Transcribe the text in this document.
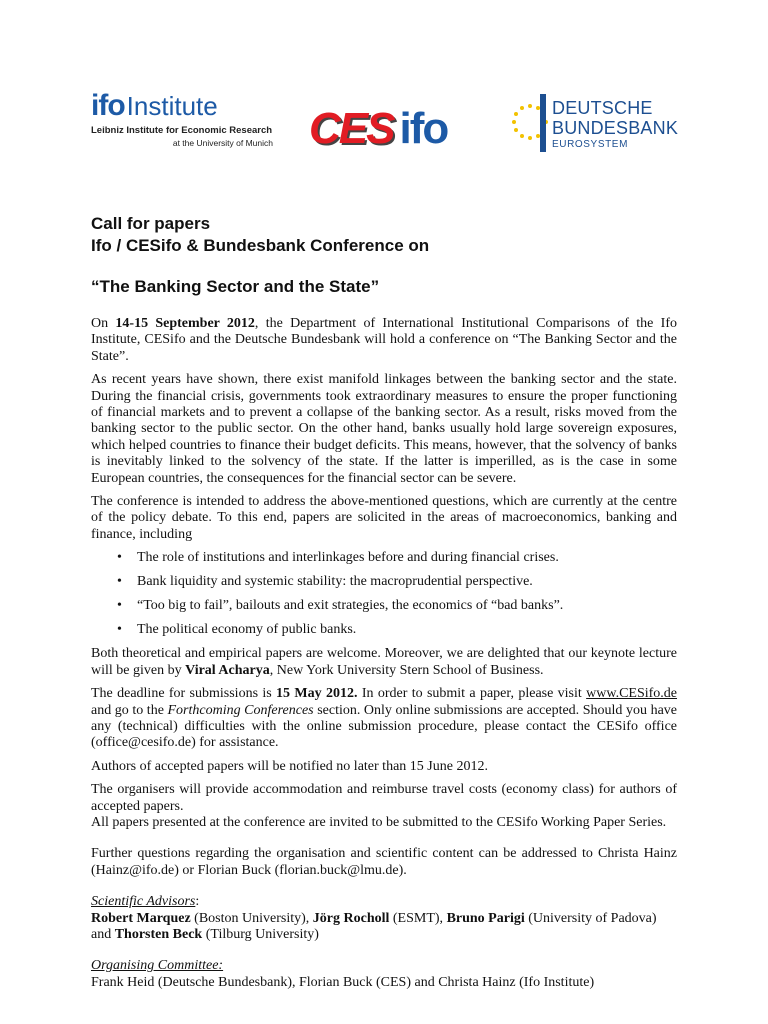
ifoInstitute
Leibniz Institute for Economic Research
at the University of Munich CES ifo	DEUTSCHE
BUNDESBANK
EUROSYSTEM
Call for papers
Ifo / CESifo & Bundesbank Conference on
“The Banking Sector and the State”

On 14-15 September 2012, the Department of International Institutional Comparisons of the Ifo Institute, CESifo and the Deutsche Bundesbank will hold a conference on “The Banking Sector and the State”.

As recent years have shown, there exist manifold linkages between the banking sector and the state. During the financial crisis, governments took extraordinary measures to ensure the proper functioning of financial markets and to prevent a collapse of the banking sector. As a result, risks moved from the banking sector to the public sector. On the other hand, banks usually hold large sovereign exposures, which helped countries to finance their budget deficits. This means, however, that the solvency of banks is inevitably linked to the solvency of the state. If the latter is imperilled, as is the case in some European countries, the consequences for the financial sector can be severe.

The conference is intended to address the above-mentioned questions, which are currently at the centre of the policy debate. To this end, papers are solicited in the areas of macroeconomics, banking and finance, including

• The role of institutions and interlinkages before and during financial crises.
• Bank liquidity and systemic stability: the macroprudential perspective.
• “Too big to fail”, bailouts and exit strategies, the economics of “bad banks”.
• The political economy of public banks.

Both theoretical and empirical papers are welcome. Moreover, we are delighted that our keynote lecture will be given by Viral Acharya, New York University Stern School of Business.

The deadline for submissions is 15 May 2012. In order to submit a paper, please visit www.CESifo.de and go to the Forthcoming Conferences section. Only online submissions are accepted. Should you have any (technical) difficulties with the online submission procedure, please contact the CESifo office (office@cesifo.de) for assistance.

Authors of accepted papers will be notified no later than 15 June 2012.

The organisers will provide accommodation and reimburse travel costs (economy class) for authors of accepted papers.

All papers presented at the conference are invited to be submitted to the CESifo Working Paper Series.

Further questions regarding the organisation and scientific content can be addressed to Christa Hainz (Hainz@ifo.de) or Florian Buck (florian.buck@lmu.de).

Scientific Advisors:

Robert Marquez (Boston University), Jörg Rocholl (ESMT), Bruno Parigi (University of Padova)

and Thorsten Beck (Tilburg University)

Organising Committee:

Frank Heid (Deutsche Bundesbank), Florian Buck (CES) and Christa Hainz (Ifo Institute)
